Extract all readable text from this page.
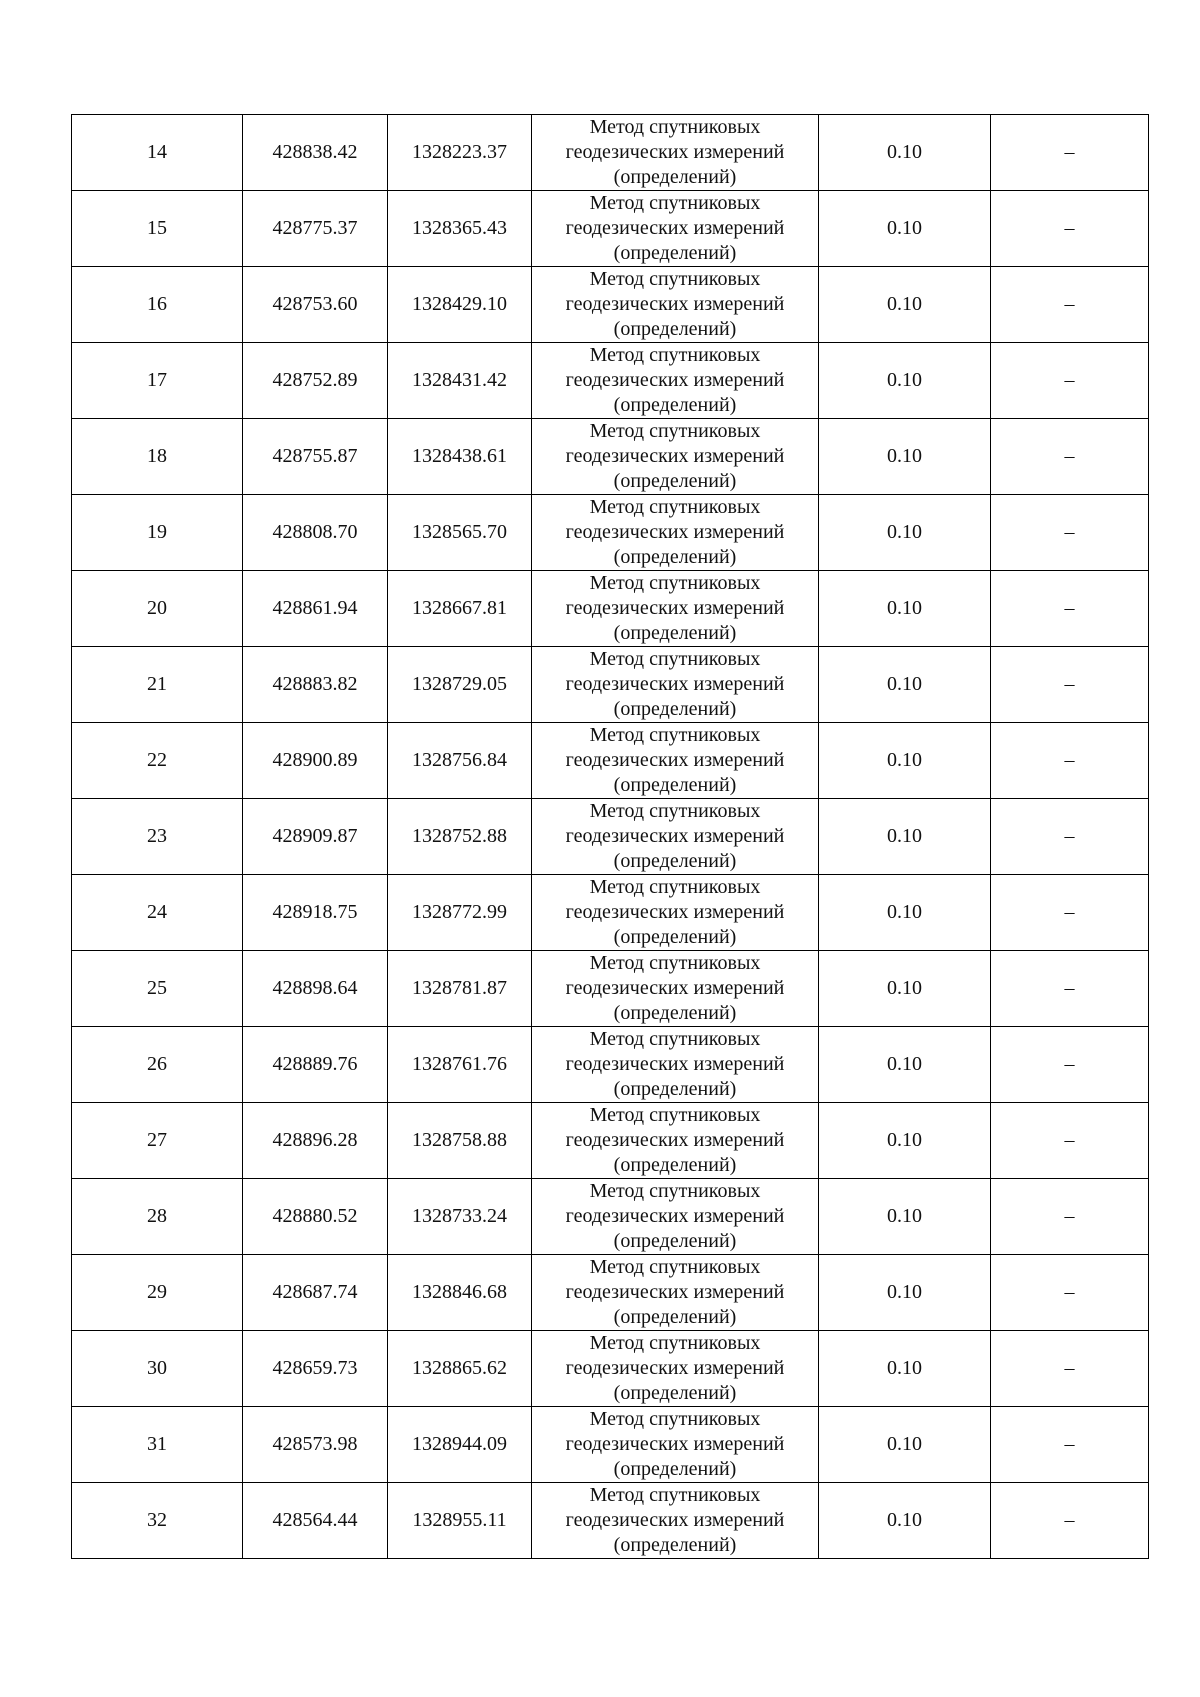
14	428838.42	1328223.37	Метод спутниковых
геодезических измерений
(определений)	0.10	–
15	428775.37	1328365.43	Метод спутниковых
геодезических измерений
(определений)	0.10	–
16	428753.60	1328429.10	Метод спутниковых
геодезических измерений
(определений)	0.10	–
17	428752.89	1328431.42	Метод спутниковых
геодезических измерений
(определений)	0.10	–
18	428755.87	1328438.61	Метод спутниковых
геодезических измерений
(определений)	0.10	–
19	428808.70	1328565.70	Метод спутниковых
геодезических измерений
(определений)	0.10	–
20	428861.94	1328667.81	Метод спутниковых
геодезических измерений
(определений)	0.10	–
21	428883.82	1328729.05	Метод спутниковых
геодезических измерений
(определений)	0.10	–
22	428900.89	1328756.84	Метод спутниковых
геодезических измерений
(определений)	0.10	–
23	428909.87	1328752.88	Метод спутниковых
геодезических измерений
(определений)	0.10	–
24	428918.75	1328772.99	Метод спутниковых
геодезических измерений
(определений)	0.10	–
25	428898.64	1328781.87	Метод спутниковых
геодезических измерений
(определений)	0.10	–
26	428889.76	1328761.76	Метод спутниковых
геодезических измерений
(определений)	0.10	–
27	428896.28	1328758.88	Метод спутниковых
геодезических измерений
(определений)	0.10	–
28	428880.52	1328733.24	Метод спутниковых
геодезических измерений
(определений)	0.10	–
29	428687.74	1328846.68	Метод спутниковых
геодезических измерений
(определений)	0.10	–
30	428659.73	1328865.62	Метод спутниковых
геодезических измерений
(определений)	0.10	–
31	428573.98	1328944.09	Метод спутниковых
геодезических измерений
(определений)	0.10	–
32	428564.44	1328955.11	Метод спутниковых
геодезических измерений
(определений)	0.10	–
